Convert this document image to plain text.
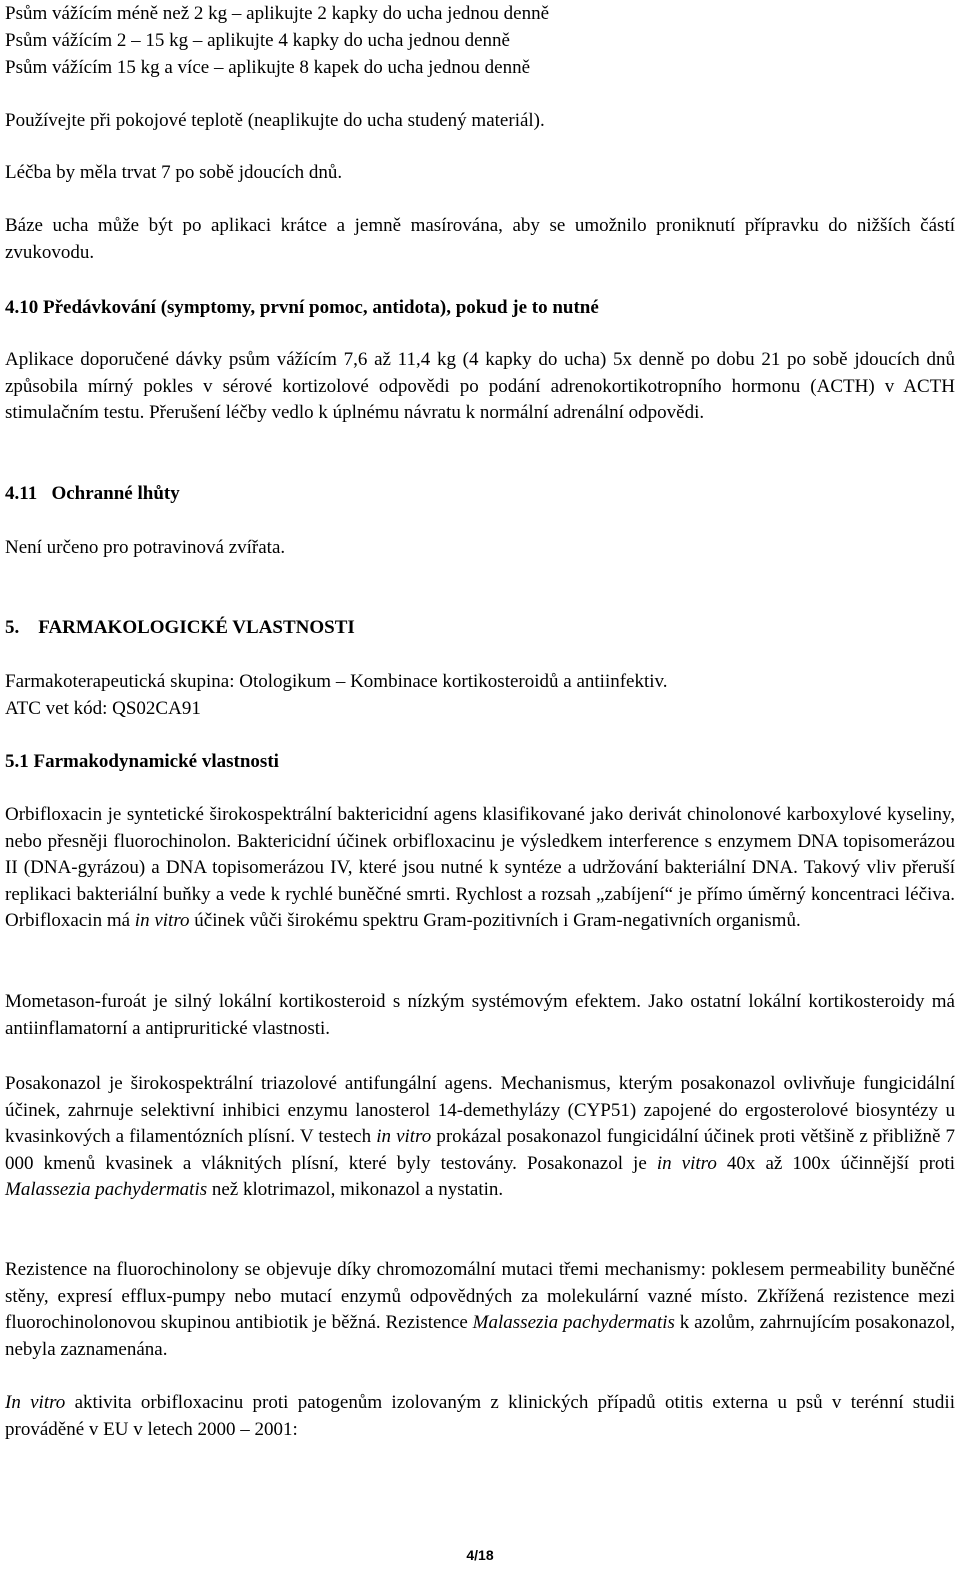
Psům vážícím méně než 2 kg – aplikujte 2 kapky do ucha jednou denně
Psům vážícím 2 – 15 kg – aplikujte 4 kapky do ucha jednou denně
Psům vážícím 15 kg a více – aplikujte 8 kapek do ucha jednou denně
Používejte při pokojové teplotě (neaplikujte do ucha studený materiál).
Léčba by měla trvat 7 po sobě jdoucích dnů.
Báze ucha může být po aplikaci krátce a jemně masírována, aby se umožnilo proniknutí přípravku do nižších částí zvukovodu.
4.10 Předávkování (symptomy, první pomoc, antidota), pokud je to nutné
Aplikace doporučené dávky psům vážícím 7,6 až 11,4 kg (4 kapky do ucha) 5x denně po dobu 21 po sobě jdoucích dnů způsobila mírný pokles v sérové kortizolové odpovědi po podání adrenokortikotropního hormonu (ACTH) v ACTH stimulačním testu. Přerušení léčby vedlo k úplnému návratu k normální adrenální odpovědi.
4.11 Ochranné lhůty
Není určeno pro potravinová zvířata.
5. FARMAKOLOGICKÉ VLASTNOSTI
Farmakoterapeutická skupina: Otologikum – Kombinace kortikosteroidů a antiinfektiv.
ATC vet kód: QS02CA91
5.1 Farmakodynamické vlastnosti
Orbifloxacin je syntetické širokospektrální baktericidní agens klasifikované jako derivát chinolonové karboxylové kyseliny, nebo přesněji fluorochinolon. Baktericidní účinek orbifloxacinu je výsledkem interference s enzymem DNA topisomerázou II (DNA-gyrázou) a DNA topisomerázou IV, které jsou nutné k syntéze a udržování bakteriální DNA. Takový vliv přeruší replikaci bakteriální buňky a vede k rychlé buněčné smrti. Rychlost a rozsah „zabíjení“ je přímo úměrný koncentraci léčiva. Orbifloxacin má in vitro účinek vůči širokému spektru Gram-pozitivních i Gram-negativních organismů.
Mometason-furoát je silný lokální kortikosteroid s nízkým systémovým efektem. Jako ostatní lokální kortikosteroidy má antiinflamatorní a antipruritické vlastnosti.
Posakonazol je širokospektrální triazolové antifungální agens. Mechanismus, kterým posakonazol ovlivňuje fungicidální účinek, zahrnuje selektivní inhibici enzymu lanosterol 14-demethylázy (CYP51) zapojené do ergosterolové biosyntézy u kvasinkových a filamentózních plísní. V testech in vitro prokázal posakonazol fungicidální účinek proti většině z přibližně 7 000 kmenů kvasinek a vláknitých plísní, které byly testovány. Posakonazol je in vitro 40x až 100x účinnější proti Malassezia pachydermatis než klotrimazol, mikonazol a nystatin.
Rezistence na fluorochinolony se objevuje díky chromozomální mutaci třemi mechanismy: poklesem permeability buněčné stěny, expresí efflux-pumpy nebo mutací enzymů odpovědných za molekulární vazné místo. Zkřížená rezistence mezi fluorochinolonovou skupinou antibiotik je běžná. Rezistence Malassezia pachydermatis k azolům, zahrnujícím posakonazol, nebyla zaznamenána.
In vitro aktivita orbifloxacinu proti patogenům izolovaným z klinických případů otitis externa u psů v terénní studii prováděné v EU v letech 2000 – 2001:
4/18
